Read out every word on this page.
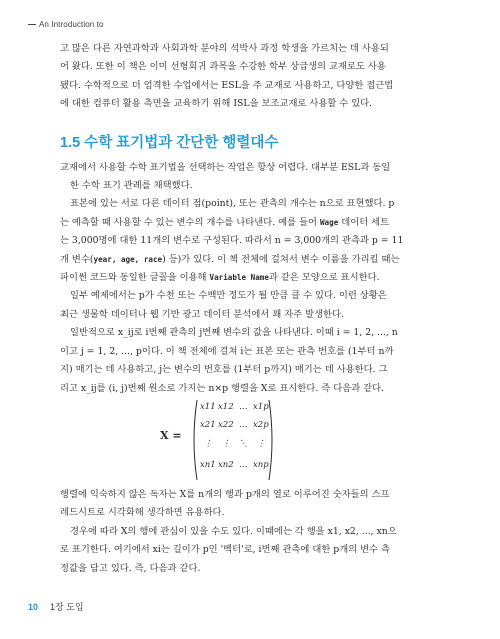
An Introduction to

고 많은 다른 자연과학과 사회과학 분야의 석박사 과정 학생을 가르치는 데 사용되
어 왔다. 또한 이 책은 이미 선형회귀 과목을 수강한 학부 상급생의 교재로도 사용
됐다. 수학적으로 더 엄격한 수업에서는 ESL을 주 교재로 사용하고, 다양한 접근법
에 대한 컴퓨터 활용 측면을 교육하기 위해 ISL을 보조교재로 사용할 수 있다.

1.5 수학 표기법과 간단한 행렬대수

교재에서 사용할 수학 표기법을 선택하는 작업은 항상 어렵다. 대부분 ESL과 동일
한 수학 표기 관례를 채택했다.

표본에 있는 서로 다른 데이터 점(point), 또는 관측의 개수는 n으로 표현했다. p
는 예측할 때 사용할 수 있는 변수의 개수를 나타낸다. 예를 들어 Wage 데이터 세트
는 3,000명에 대한 11개의 변수로 구성된다. 따라서 n = 3,000개의 관측과 p = 11
개 변수(year, age, race) 등)가 있다. 이 책 전체에 걸쳐서 변수 이름을 가리킬 때는
파이썬 코드와 동일한 글꼴을 이용해 Variable Name과 같은 모양으로 표시한다.

일부 예제에서는 p가 수천 또는 수백만 정도가 될 만큼 클 수 있다. 이런 상황은
최근 생물학 데이터나 웹 기반 광고 데이터 분석에서 꽤 자주 발생한다.

일반적으로 x_ij로 i번째 관측의 j번째 변수의 값을 나타낸다. 이때 i = 1, 2, ..., n
이고 j = 1, 2, ..., p이다. 이 책 전체에 걸쳐 i는 표본 또는 관측 번호를 (1부터 n까
지) 매기는 데 사용하고, j는 변수의 번호를 (1부터 p까지) 매기는 데 사용한다. 그
리고 x_ij를 (i, j)번째 원소로 가지는 n×p 행렬을 X로 표시한다. 즉 다음과 같다.

X =
x11 x12 … x1p
x21 x22 … x2p
⋮ ⋮ ⋱ ⋮
xn1 xn2 … xnp

행렬에 익숙하지 않은 독자는 X를 n개의 행과 p개의 열로 이루어진 숫자들의 스프
레드시트로 시각화해 생각하면 유용하다.

경우에 따라 X의 행에 관심이 있을 수도 있다. 이때에는 각 행을 x1, x2, ..., xn으
로 표기한다. 여기에서 xi는 길이가 p인 '벡터'로, i번째 관측에 대한 p개의 변수 측
정값을 담고 있다. 즉, 다음과 같다.

10 1장 도입
